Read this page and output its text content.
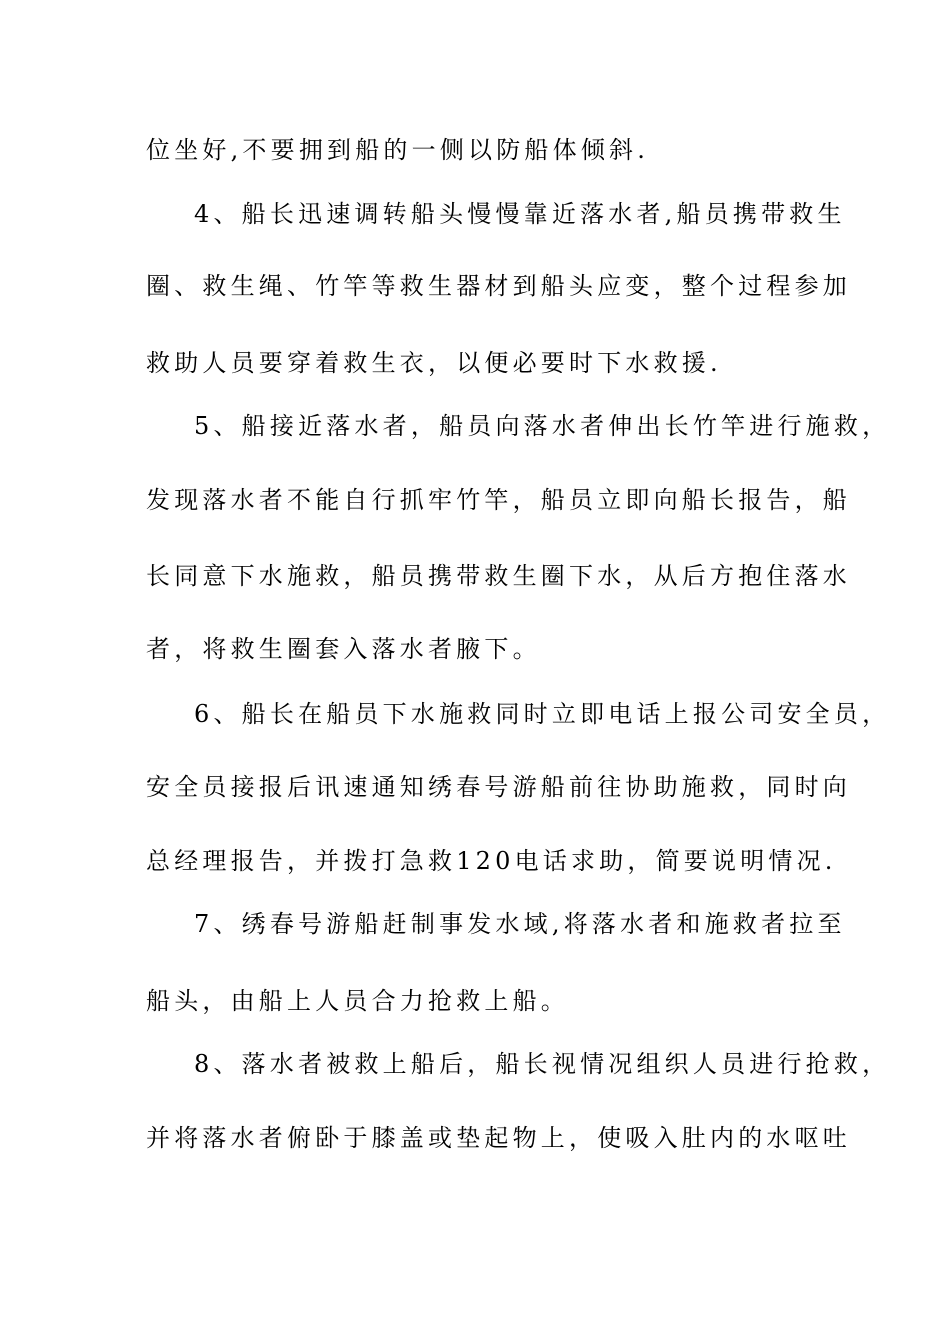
位坐好,不要拥到船的一侧以防船体倾斜.
4、船长迅速调转船头慢慢靠近落水者,船员携带救生
圈、救生绳、竹竿等救生器材到船头应变，整个过程参加
救助人员要穿着救生衣，以便必要时下水救援.
5、船接近落水者，船员向落水者伸出长竹竿进行施救，
发现落水者不能自行抓牢竹竿，船员立即向船长报告，船
长同意下水施救，船员携带救生圈下水，从后方抱住落水
者，将救生圈套入落水者腋下。
6、船长在船员下水施救同时立即电话上报公司安全员，
安全员接报后讯速通知绣春号游船前往协助施救，同时向
总经理报告，并拨打急救120电话求助，简要说明情况.
7、绣春号游船赶制事发水域,将落水者和施救者拉至
船头，由船上人员合力抢救上船。
8、落水者被救上船后，船长视情况组织人员进行抢救，
并将落水者俯卧于膝盖或垫起物上，使吸入肚内的水呕吐
